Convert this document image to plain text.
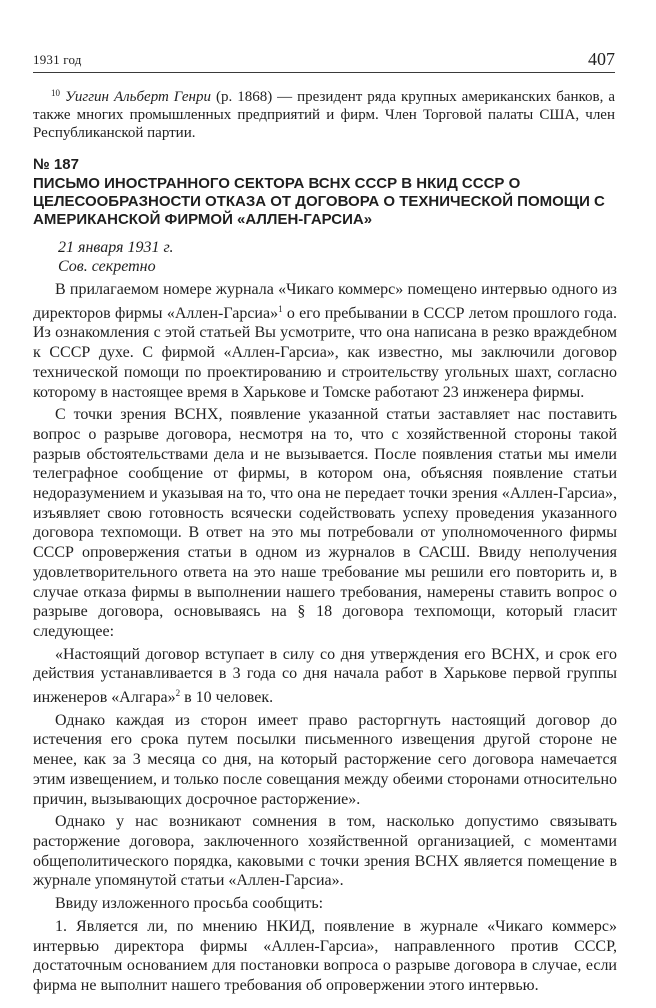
1931 год	407
$^{10}$ Уиггин Альберт Генри (р. 1868) — президент ряда крупных американских банков, а также многих промышленных предприятий и фирм. Член Торговой палаты США, член Республиканской партии.
№ 187
ПИСЬМО ИНОСТРАННОГО СЕКТОРА ВСНХ СССР В НКИД СССР О ЦЕЛЕСООБРАЗНОСТИ ОТКАЗА ОТ ДОГОВОРА О ТЕХНИЧЕСКОЙ ПОМОЩИ С АМЕРИКАНСКОЙ ФИРМОЙ «АЛЛЕН-ГАРСИА»
21 января 1931 г.
Сов. секретно

В прилагаемом номере журнала «Чикаго коммерс» помещено интервью одного из директоров фирмы «Аллен-Гарсиа»$^1$ о его пребывании в СССР летом прошлого года. Из ознакомления с этой статьей Вы усмотрите, что она написана в резко враждебном к СССР духе. С фирмой «Аллен-Гарсиа», как известно, мы заключили договор технической помощи по проектированию и строительству угольных шахт, согласно которому в настоящее время в Харькове и Томске работают 23 инженера фирмы.

С точки зрения ВСНХ, появление указанной статьи заставляет нас поставить вопрос о разрыве договора, несмотря на то, что с хозяйственной стороны такой разрыв обстоятельствами дела и не вызывается. После появления статьи мы имели телеграфное сообщение от фирмы, в котором она, объясняя появление статьи недоразумением и указывая на то, что она не передает точки зрения «Аллен-Гарсиа», изъявляет свою готовность всячески содействовать успеху проведения указанного договора техпомощи. В ответ на это мы потребовали от уполномоченного фирмы СССР опровержения статьи в одном из журналов в САСШ. Ввиду неполучения удовлетворительного ответа на это наше требование мы решили его повторить и, в случае отказа фирмы в выполнении нашего требования, намерены ставить вопрос о разрыве договора, основываясь на § 18 договора техпомощи, который гласит следующее:

«Настоящий договор вступает в силу со дня утверждения его ВСНХ, и срок его действия устанавливается в 3 года со дня начала работ в Харькове первой группы инженеров «Алгара»$^2$ в 10 человек.

Однако каждая из сторон имеет право расторгнуть настоящий договор до истечения его срока путем посылки письменного извещения другой стороне не менее, как за 3 месяца со дня, на который расторжение сего договора намечается этим извещением, и только после совещания между обеими сторонами относительно причин, вызывающих досрочное расторжение».

Однако у нас возникают сомнения в том, насколько допустимо связывать расторжение договора, заключенного хозяйственной организацией, с моментами общеполитического порядка, каковыми с точки зрения ВСНХ является помещение в журнале упомянутой статьи «Аллен-Гарсиа».

Ввиду изложенного просьба сообщить:

1. Является ли, по мнению НКИД, появление в журнале «Чикаго коммерс» интервью директора фирмы «Аллен-Гарсиа», направленного против СССР, достаточным основанием для постановки вопроса о разрыве договора в случае, если фирма не выполнит нашего требования об опровержении этого интервью.
